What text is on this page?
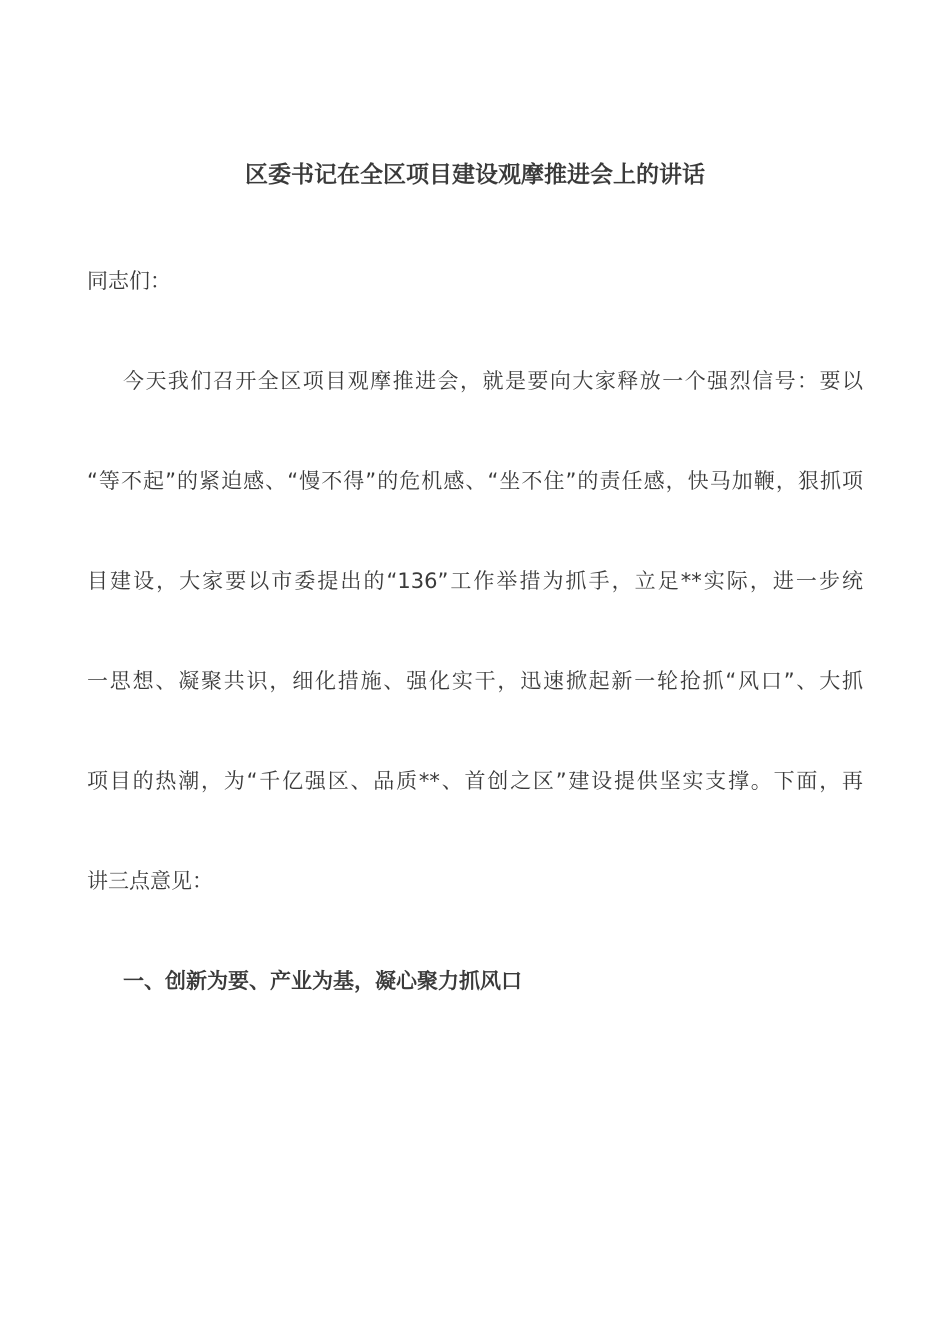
区委书记在全区项目建设观摩推进会上的讲话
同志们：
今天我们召开全区项目观摩推进会，就是要向大家释放一个强烈信号：要以
“等不起”的紧迫感、“慢不得”的危机感、“坐不住”的责任感，快马加鞭，狠抓项
目建设，大家要以市委提出的“136”工作举措为抓手，立足**实际，进一步统
一思想、凝聚共识，细化措施、强化实干，迅速掀起新一轮抢抓“风口”、大抓
项目的热潮，为“千亿强区、品质**、首创之区”建设提供坚实支撑。下面，再
讲三点意见：
一、创新为要、产业为基，凝心聚力抓风口
